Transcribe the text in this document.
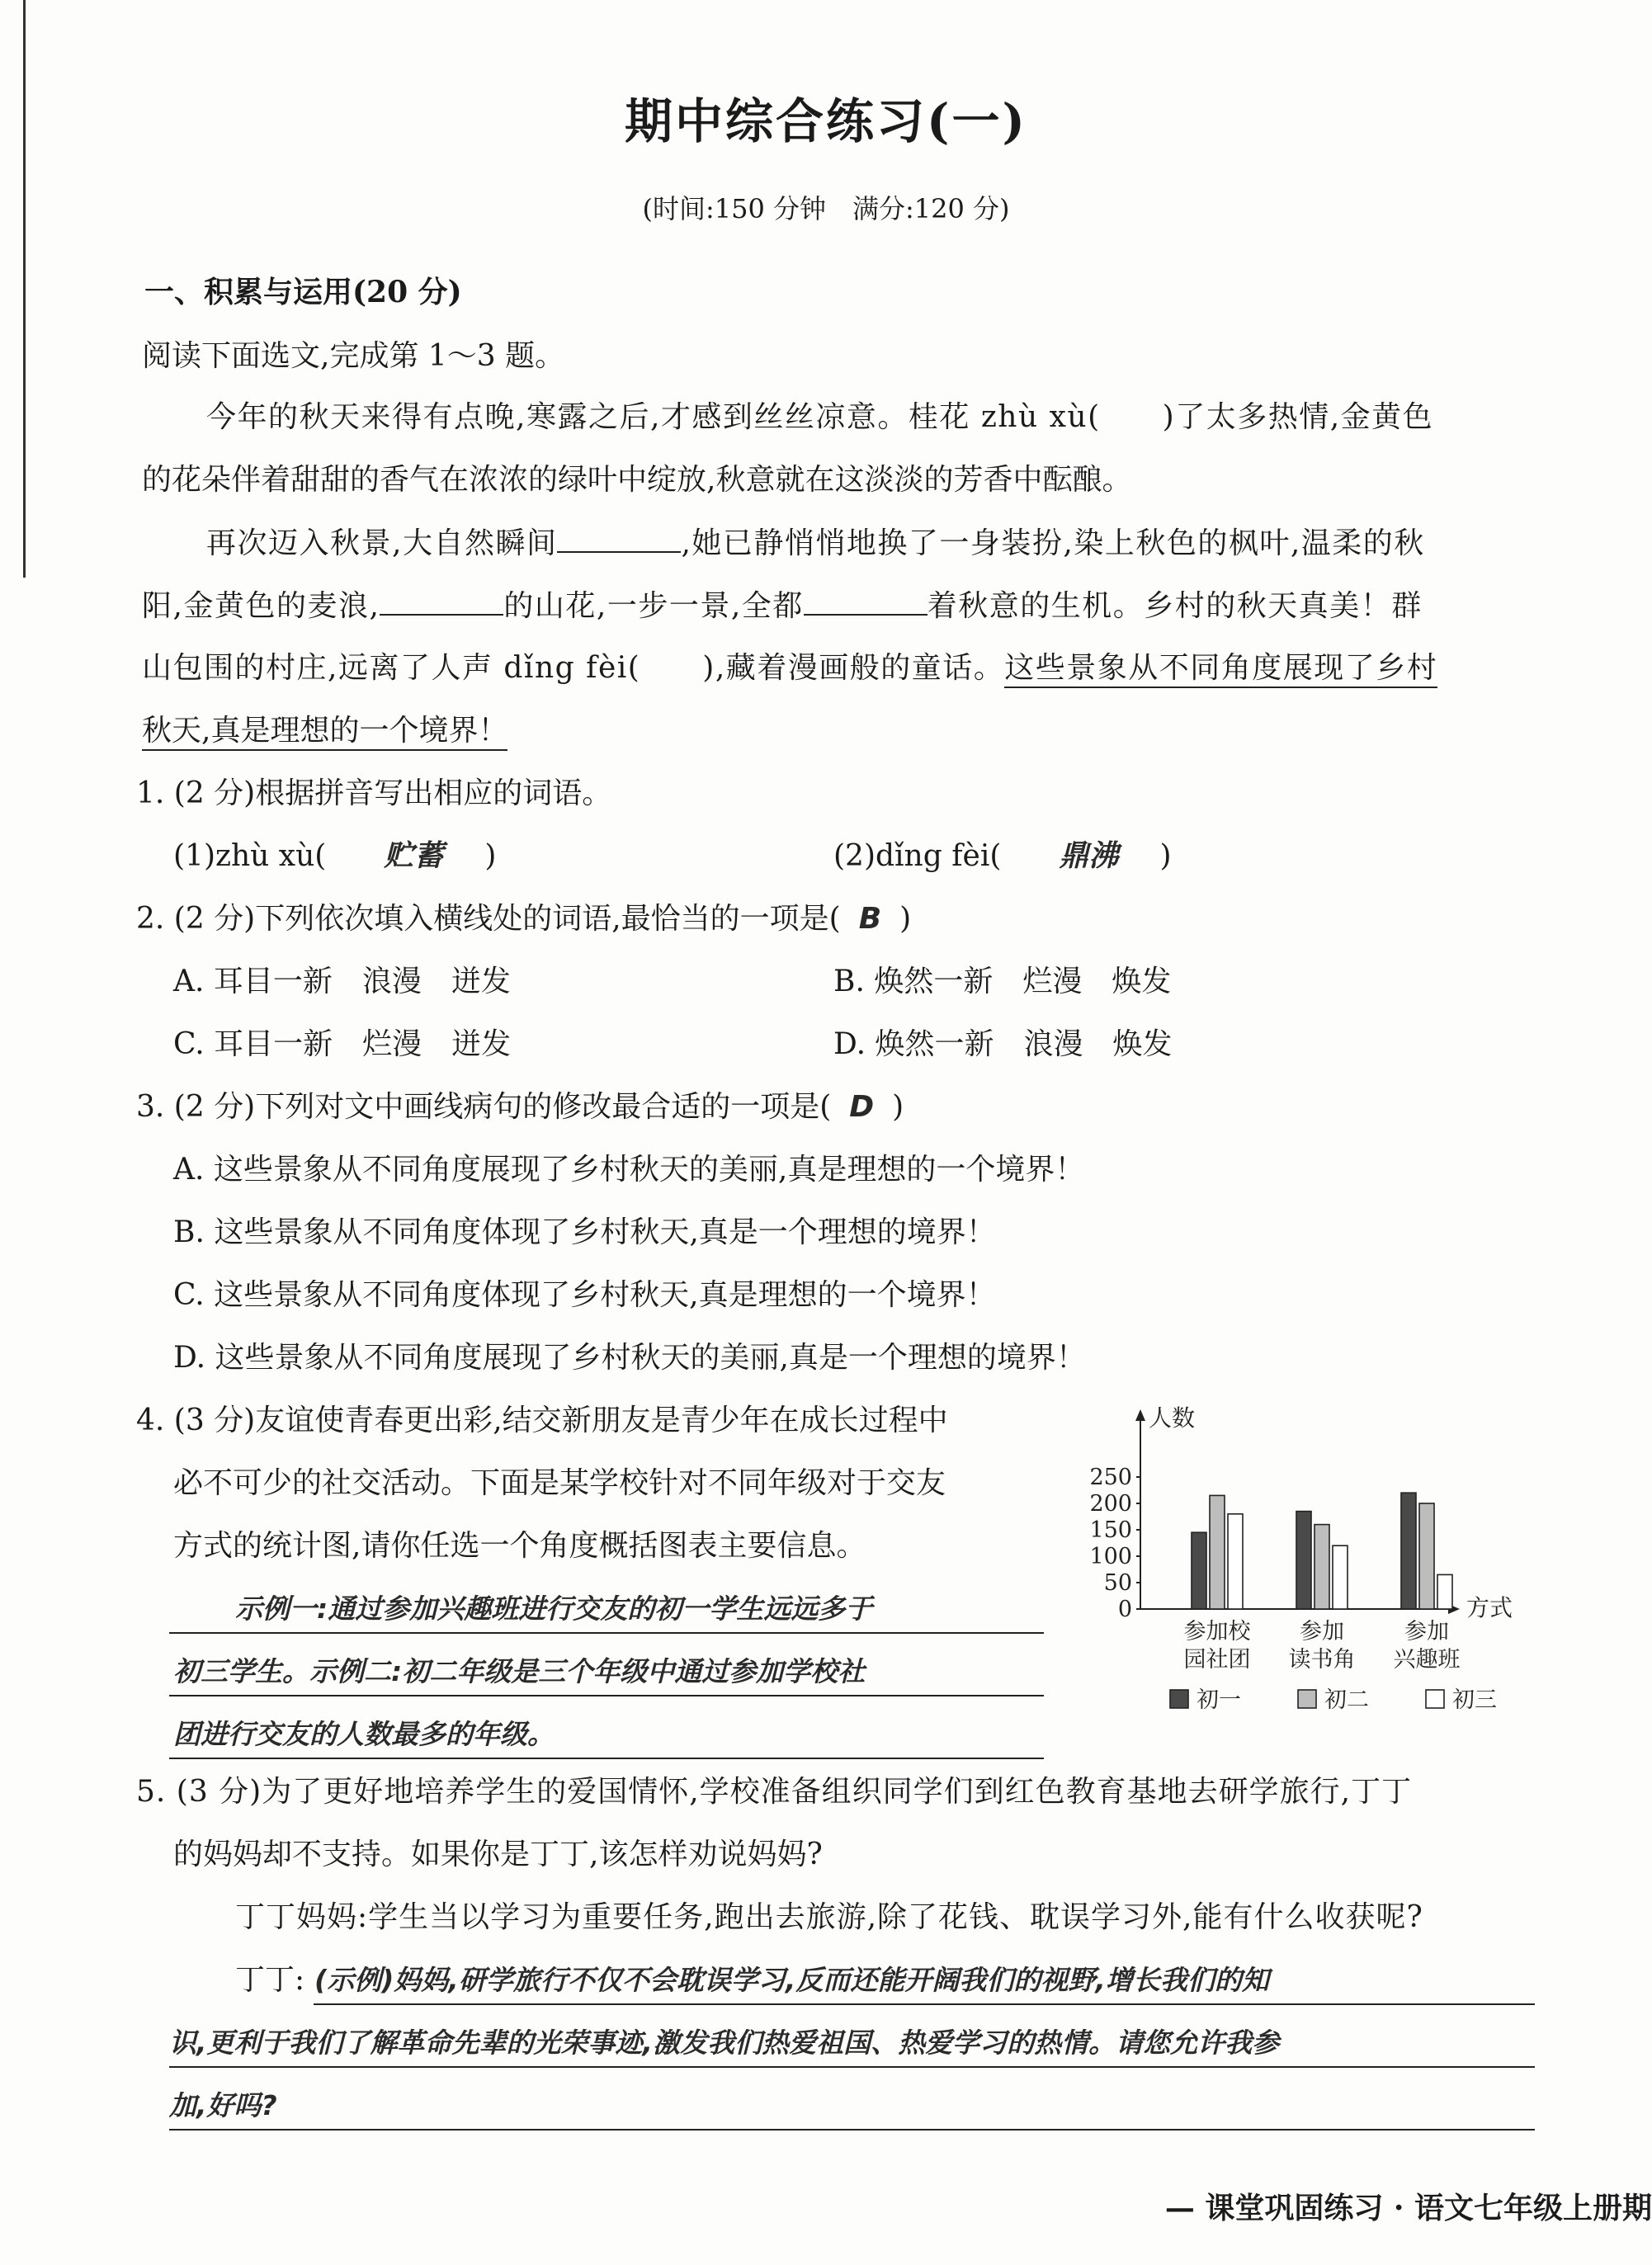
期中综合练习(一)
(时间:150 分钟　满分:120 分)
一、积累与运用(20 分)
阅读下面选文,完成第 1～3 题。
今年的秋天来得有点晚,寒露之后,才感到丝丝凉意。桂花 zhù xù(　　)了太多热情,金黄色
的花朵伴着甜甜的香气在浓浓的绿叶中绽放,秋意就在这淡淡的芳香中酝酿。
再次迈入秋景,大自然瞬间	,她已静悄悄地换了一身装扮,染上秋色的枫叶,温柔的秋
阳,金黄色的麦浪,	的山花,一步一景,全都	着秋意的生机。乡村的秋天真美！群
山包围的村庄,远离了人声 dǐng fèi(　　),藏着漫画般的童话。这些景象从不同角度展现了乡村
秋天,真是理想的一个境界！
1. (2 分)根据拼音写出相应的词语。
(1)zhù xù( 贮蓄 )	(2)dǐng fèi( 鼎沸 )
2. (2 分)下列依次填入横线处的词语,最恰当的一项是( B )
A. 耳目一新　浪漫　迸发	B. 焕然一新　烂漫　焕发
C. 耳目一新　烂漫　迸发	D. 焕然一新　浪漫　焕发
3. (2 分)下列对文中画线病句的修改最合适的一项是( D )
A. 这些景象从不同角度展现了乡村秋天的美丽,真是理想的一个境界！
B. 这些景象从不同角度体现了乡村秋天,真是一个理想的境界！
C. 这些景象从不同角度体现了乡村秋天,真是理想的一个境界！
D. 这些景象从不同角度展现了乡村秋天的美丽,真是一个理想的境界！
4. (3 分)友谊使青春更出彩,结交新朋友是青少年在成长过程中
必不可少的社交活动。下面是某学校针对不同年级对于交友
方式的统计图,请你任选一个角度概括图表主要信息。
示例一:通过参加兴趣班进行交友的初一学生远远多于
初三学生。示例二:初二年级是三个年级中通过参加学校社
团进行交友的人数最多的年级。
人数
方式
0
50
100
150
200
250
参加校
园社团
参加
读书角
参加
兴趣班
初一	初二	初三
5. (3 分)为了更好地培养学生的爱国情怀,学校准备组织同学们到红色教育基地去研学旅行,丁丁
的妈妈却不支持。如果你是丁丁,该怎样劝说妈妈?
丁丁妈妈:学生当以学习为重要任务,跑出去旅游,除了花钱、耽误学习外,能有什么收获呢?
丁丁: (示例)妈妈,研学旅行不仅不会耽误学习,反而还能开阔我们的视野,增长我们的知
识,更利于我们了解革命先辈的光荣事迹,激发我们热爱祖国、热爱学习的热情。请您允许我参
加,好吗?
— 课堂巩固练习 · 语文七年级上册期
